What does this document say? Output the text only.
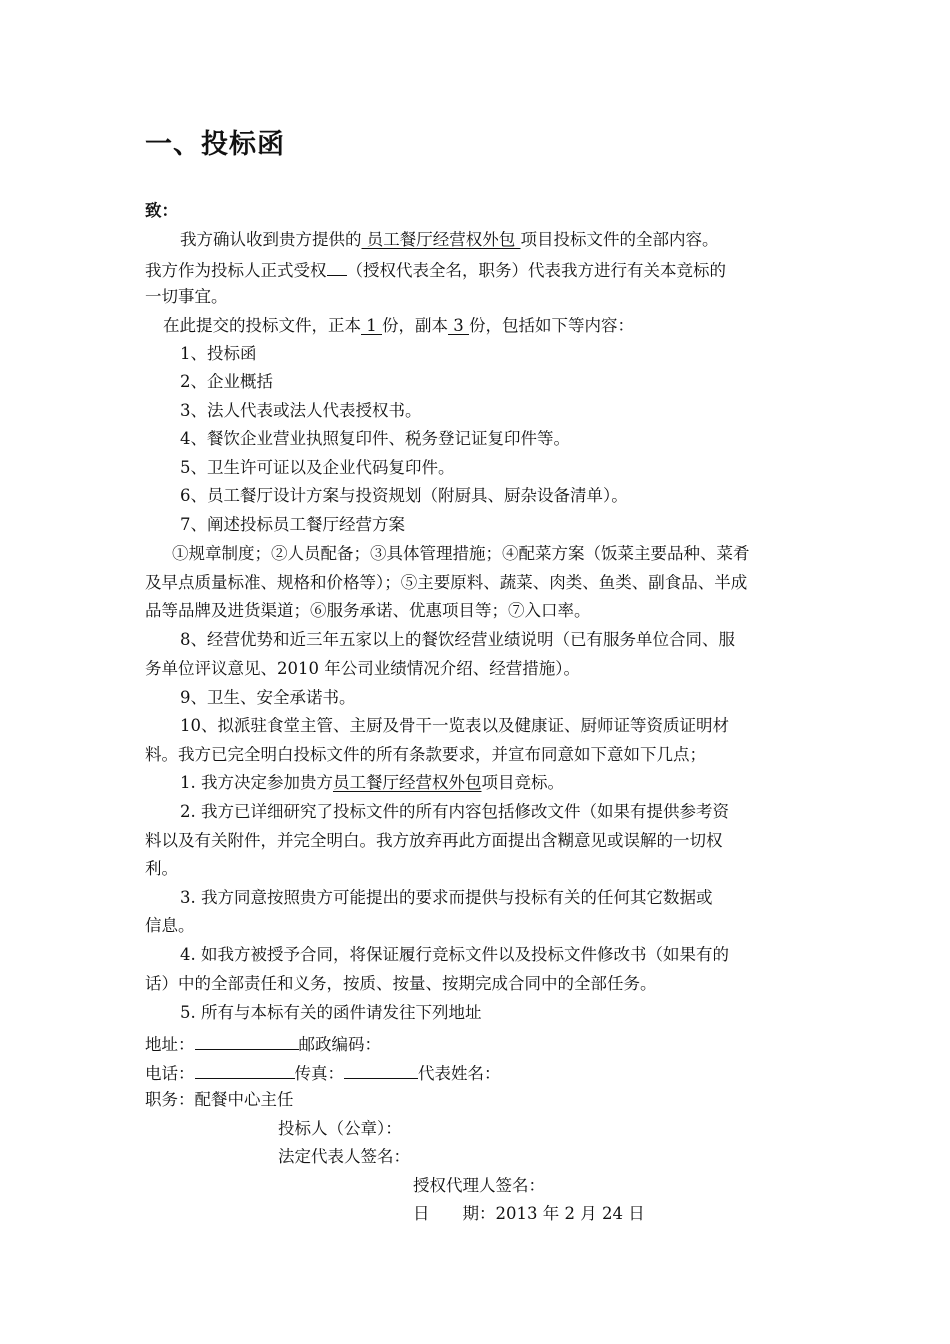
一、投标函
致：
我方确认收到贵方提供的 员工餐厅经营权外包 项目投标文件的全部内容。
我方作为投标人正式受权 （授权代表全名，职务）代表我方进行有关本竞标的
一切事宜。
在此提交的投标文件，正本 1 份，副本 3 份，包括如下等内容：
1、投标函
2、企业概括
3、法人代表或法人代表授权书。
4、餐饮企业营业执照复印件、税务登记证复印件等。
5、卫生许可证以及企业代码复印件。
6、员工餐厅设计方案与投资规划（附厨具、厨杂设备清单）。
7、阐述投标员工餐厅经营方案
①规章制度；②人员配备；③具体管理措施；④配菜方案（饭菜主要品种、菜肴
及早点质量标准、规格和价格等）；⑤主要原料、蔬菜、肉类、鱼类、副食品、半成
品等品牌及进货渠道；⑥服务承诺、优惠项目等；⑦入口率。
8、经营优势和近三年五家以上的餐饮经营业绩说明（已有服务单位合同、服
务单位评议意见、2010 年公司业绩情况介绍、经营措施）。
9、卫生、安全承诺书。
10、拟派驻食堂主管、主厨及骨干一览表以及健康证、厨师证等资质证明材
料。我方已完全明白投标文件的所有条款要求，并宣布同意如下意如下几点；
1. 我方决定参加贵方员工餐厅经营权外包项目竞标。
2. 我方已详细研究了投标文件的所有内容包括修改文件（如果有提供参考资
料以及有关附件，并完全明白。我方放弃再此方面提出含糊意见或误解的一切权
利。
3. 我方同意按照贵方可能提出的要求而提供与投标有关的任何其它数据或
信息。
4. 如我方被授予合同，将保证履行竞标文件以及投标文件修改书（如果有的
话）中的全部责任和义务，按质、按量、按期完成合同中的全部任务。
5. 所有与本标有关的函件请发往下列地址
地址：	邮政编码：
电话：	传真：	代表姓名：
职务：配餐中心主任
投标人（公章）：
法定代表人签名：
授权代理人签名：
日　　期：2013 年 2 月 24 日
